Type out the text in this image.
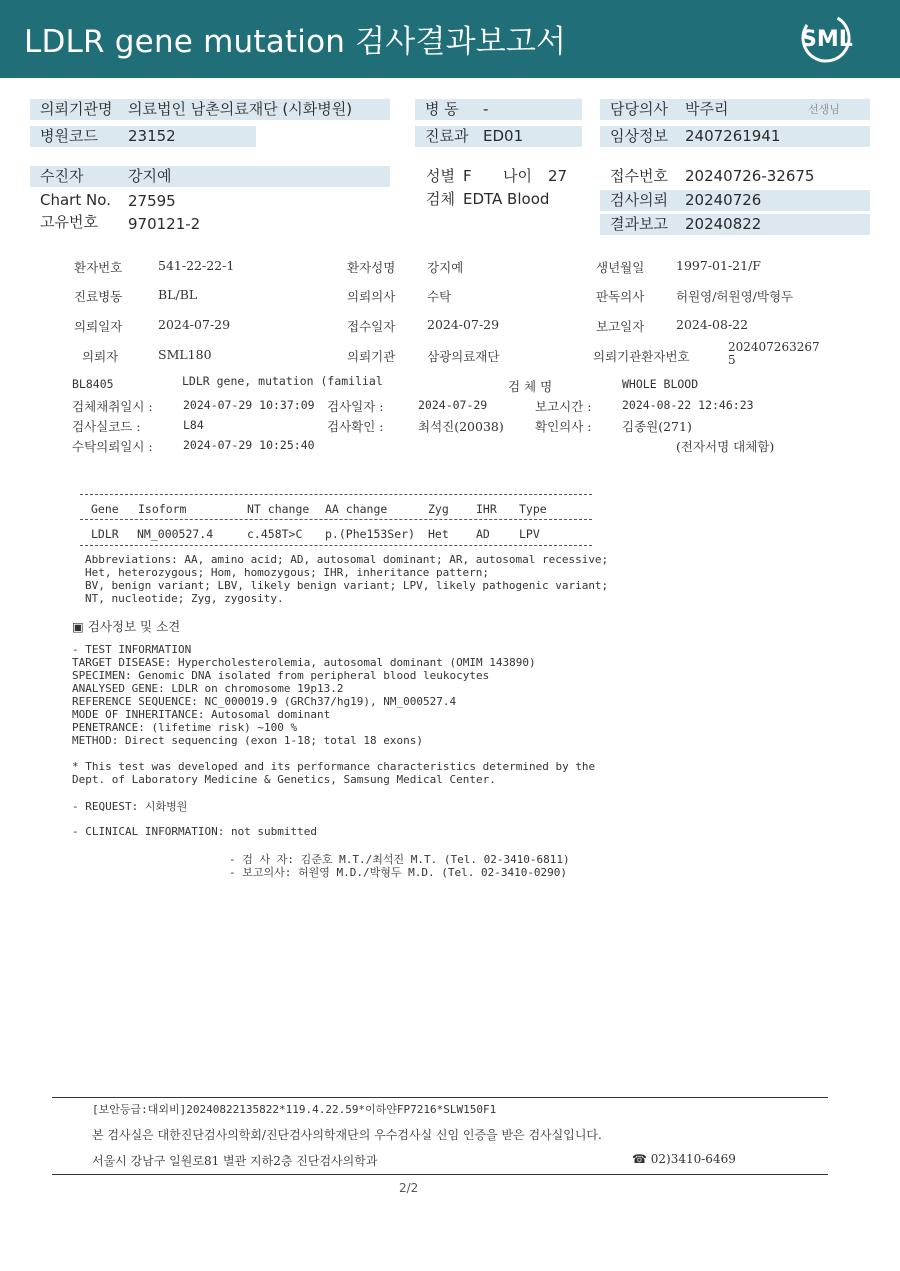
LDLR gene mutation 검사결과보고서	SML
의뢰기관명 의료법인 남촌의료재단 (시화병원)	병 동 -	담당의사 박주리	선생님
병원코드 23152	진료과 ED01	임상정보 2407261941
수진자	강지예	성별 F 나이 27	접수번호 20240726-32675
Chart No. 27595	검체 EDTA Blood	검사의뢰 20240726
고유번호 970121-2	결과보고 20240822
환자번호	541-22-22-1	환자성명	강지예	생년월일	1997-01-21/F
진료병동	BL/BL	의뢰의사	수탁	판독의사	허원영/허원영/박형두
의뢰일자	2024-07-29	접수일자	2024-07-29	보고일자	2024-08-22
의뢰자	SML180	의뢰기관	삼광의료재단	의뢰기관환자번호
202407263267
5
BL8405	LDLR gene, mutation (familial	검 체 명	WHOLE BLOOD
검체채취일시 :	2024-07-29 10:37:09 검사일자 :	2024-07-29	보고시간 :	2024-08-22 12:46:23
검사실코드 :	L84	검사확인 :	최석진(20038)	확인의사 : 김종원(271)
수탁의뢰일시 :	2024-07-29 10:25:40	(전자서명 대체함)
Gene Isoform	NT change AA change	Zyg IHR Type
LDLR NM_000527.4	c.458T>C p.(Phe153Ser) Het AD	LPV
Abbreviations: AA, amino acid; AD, autosomal dominant; AR, autosomal recessive;
Het, heterozygous; Hom, homozygous; IHR, inheritance pattern;
BV, benign variant; LBV, likely benign variant; LPV, likely pathogenic variant;
NT, nucleotide; Zyg, zygosity.
▣ 검사정보 및 소견
- TEST INFORMATION
TARGET DISEASE: Hypercholesterolemia, autosomal dominant (OMIM 143890)
SPECIMEN: Genomic DNA isolated from peripheral blood leukocytes
ANALYSED GENE: LDLR on chromosome 19p13.2
REFERENCE SEQUENCE: NC_000019.9 (GRCh37/hg19), NM_000527.4
MODE OF INHERITANCE: Autosomal dominant
PENETRANCE: (lifetime risk) ~100 %
METHOD: Direct sequencing (exon 1-18; total 18 exons)
* This test was developed and its performance characteristics determined by the
Dept. of Laboratory Medicine & Genetics, Samsung Medical Center.
- REQUEST: 시화병원
- CLINICAL INFORMATION: not submitted
- 검 사 자: 김준호 M.T./최석진 M.T. (Tel. 02-3410-6811)
- 보고의사: 허원영 M.D./박형두 M.D. (Tel. 02-3410-0290)
[보안등급:대외비]20240822135822*119.4.22.59*이하얀FP7216*SLW150F1
본 검사실은 대한진단검사의학회/진단검사의학재단의 우수검사실 신임 인증을 받은 검사실입니다.
서울시 강남구 일원로81 별관 지하2층 진단검사의학과	☎ 02)3410-6469
2/2
